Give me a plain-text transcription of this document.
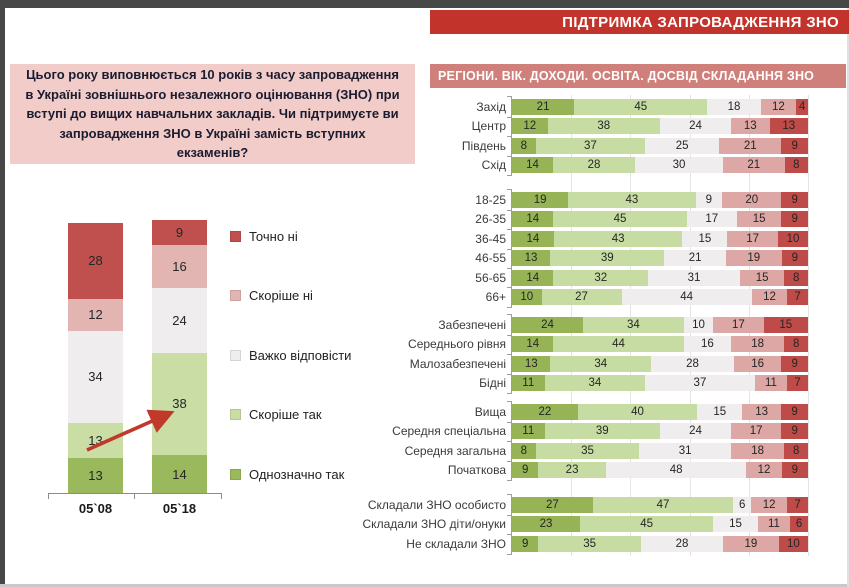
ПІДТРИМКА ЗАПРОВАДЖЕННЯ ЗНО
Цього року виповнюється 10 років з часу запровадження в Україні зовнішнього незалежного оцінювання (ЗНО) при вступі до вищих навчальних закладів. Чи підтримуєте ви запровадження ЗНО в Україні замість вступних екзаменів?
РЕГІОНИ. ВІК. ДОХОДИ. ОСВІТА. ДОСВІД СКЛАДАННЯ ЗНО
13
13
34
12
28
05`08
14
38
24
16
9
05`18
Точно ні
Скоріше ні
Важко відповісти
Скоріше так
Однозначно так
Захід	21	45	18	12	4
Центр	12	38	24	13	13
Південь	8	37	25	21	9
Схід	14	28	30	21	8
18-25	19	43	9	20	9
26-35	14	45	17	15	9
36-45	14	43	15	17	10
46-55	13	39	21	19	9
56-65	14	32	31	15	8
66+	10	27	44	12	7
Забезпечені	24	34	10	17	15
Середнього рівня	14	44	16	18	8
Малозабезпечені	13	34	28	16	9
Бідні	11	34	37	11	7
Вища	22	40	15	13	9
Середня спеціальна	11	39	24	17	9
Середня загальна	8	35	31	18	8
Початкова	9	23	48	12	9
Складали ЗНО особисто	27	47	6	12	7
Складали ЗНО діти/онуки	23	45	15	11	6
Не складали ЗНО	9	35	28	19	10
